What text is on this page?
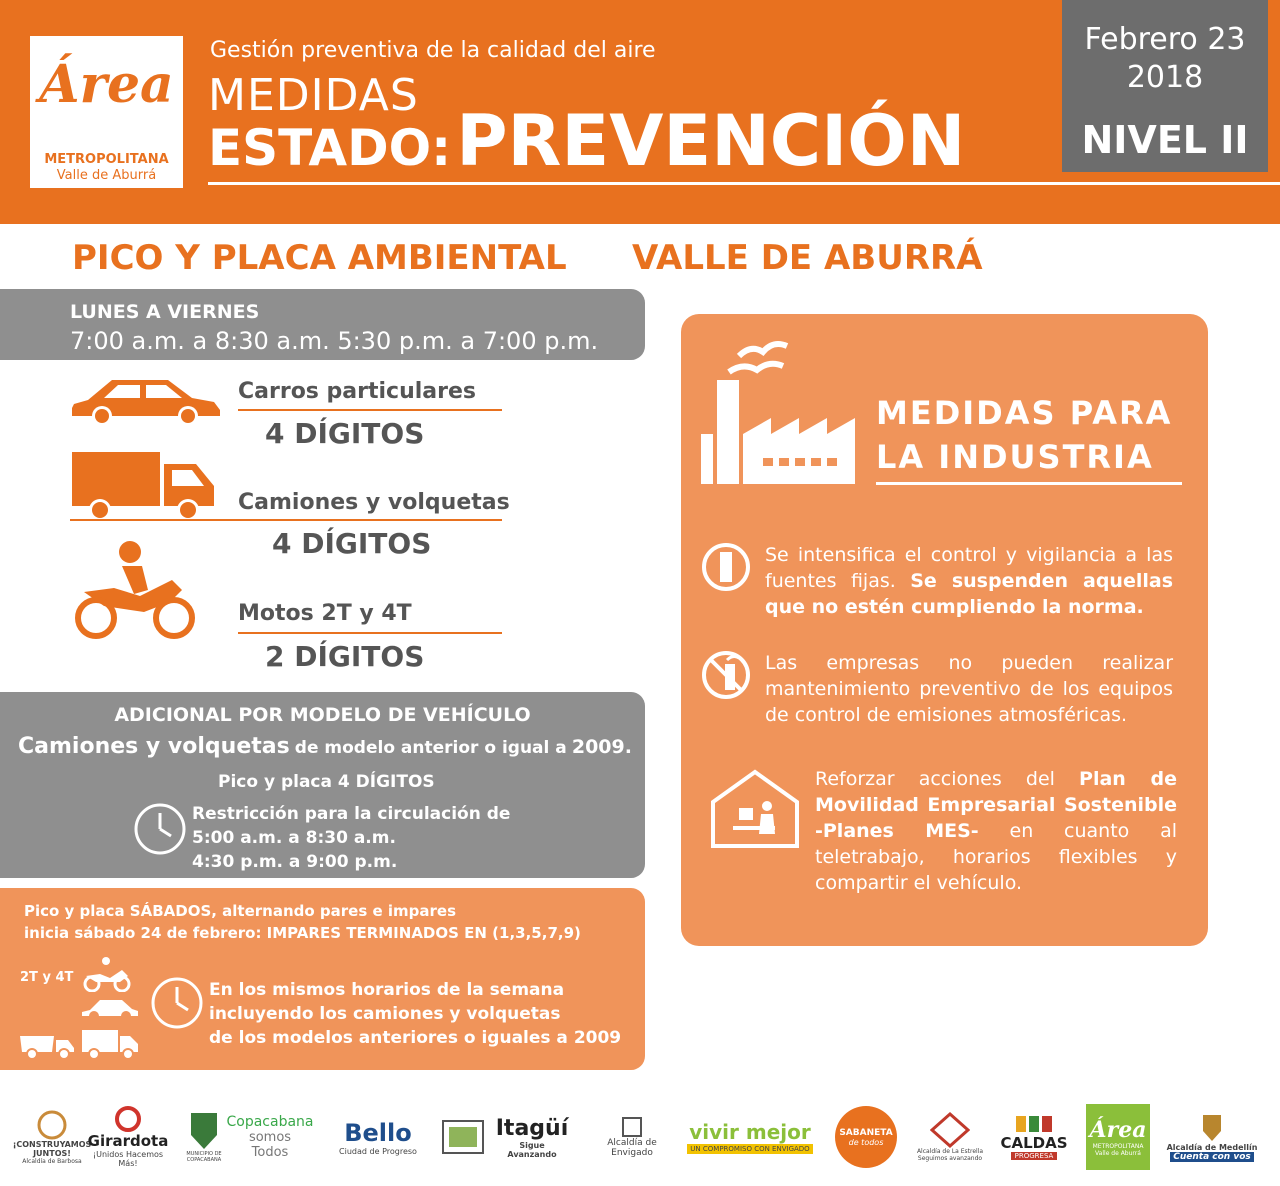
Área
METROPOLITANA
Valle de Aburrá
Gestión preventiva de la calidad del aire
MEDIDAS
ESTADO: PREVENCIÓN
Febrero 23
2018
NIVEL II
PICO Y PLACA AMBIENTAL VALLE DE ABURRÁ
LUNES A VIERNES
7:00 a.m. a 8:30 a.m. 5:30 p.m. a 7:00 p.m.
Carros particulares
4 DÍGITOS
Camiones y volquetas
4 DÍGITOS
Motos 2T y 4T
2 DÍGITOS
ADICIONAL POR MODELO DE VEHÍCULO
Camiones y volquetas de modelo anterior o igual a 2009.
Pico y placa 4 DÍGITOS
Restricción para la circulación de
5:00 a.m. a 8:30 a.m.
4:30 p.m. a 9:00 p.m.
Pico y placa SÁBADOS, alternando pares e impares
inicia sábado 24 de febrero: IMPARES TERMINADOS EN (1,3,5,7,9)
2T y 4T
En los mismos horarios de la semana
incluyendo los camiones y volquetas
de los modelos anteriores o iguales a 2009
MEDIDAS PARA
LA INDUSTRIA
Se intensifica el control y vigilancia a las fuentes fijas. Se suspenden aquellas que no estén cumpliendo la norma.
Las empresas no pueden realizar mantenimiento preventivo de los equipos de control de emisiones atmosféricas.
Reforzar acciones del Plan de Movilidad Empresarial Sostenible -Planes MES- en cuanto al teletrabajo, horarios flexibles y compartir el vehículo.
¡CONSTRUYAMOS JUNTOS!
Alcaldía de Barbosa
Girardota
¡Unidos Hacemos Más!
MUNICIPIO DE COPACABANA
Copacabana
somos Todos
Bello
Ciudad de Progreso
Itagüí
Sigue Avanzando
Alcaldía de Envigado
vivir mejor
UN COMPROMISO CON ENVIGADO
SABANETA
de todos
Alcaldía de La Estrella
Seguimos avanzando
CALDAS
PROGRESA
Área
METROPOLITANA Valle de Aburrá
Alcaldía de Medellín
Cuenta con vos
